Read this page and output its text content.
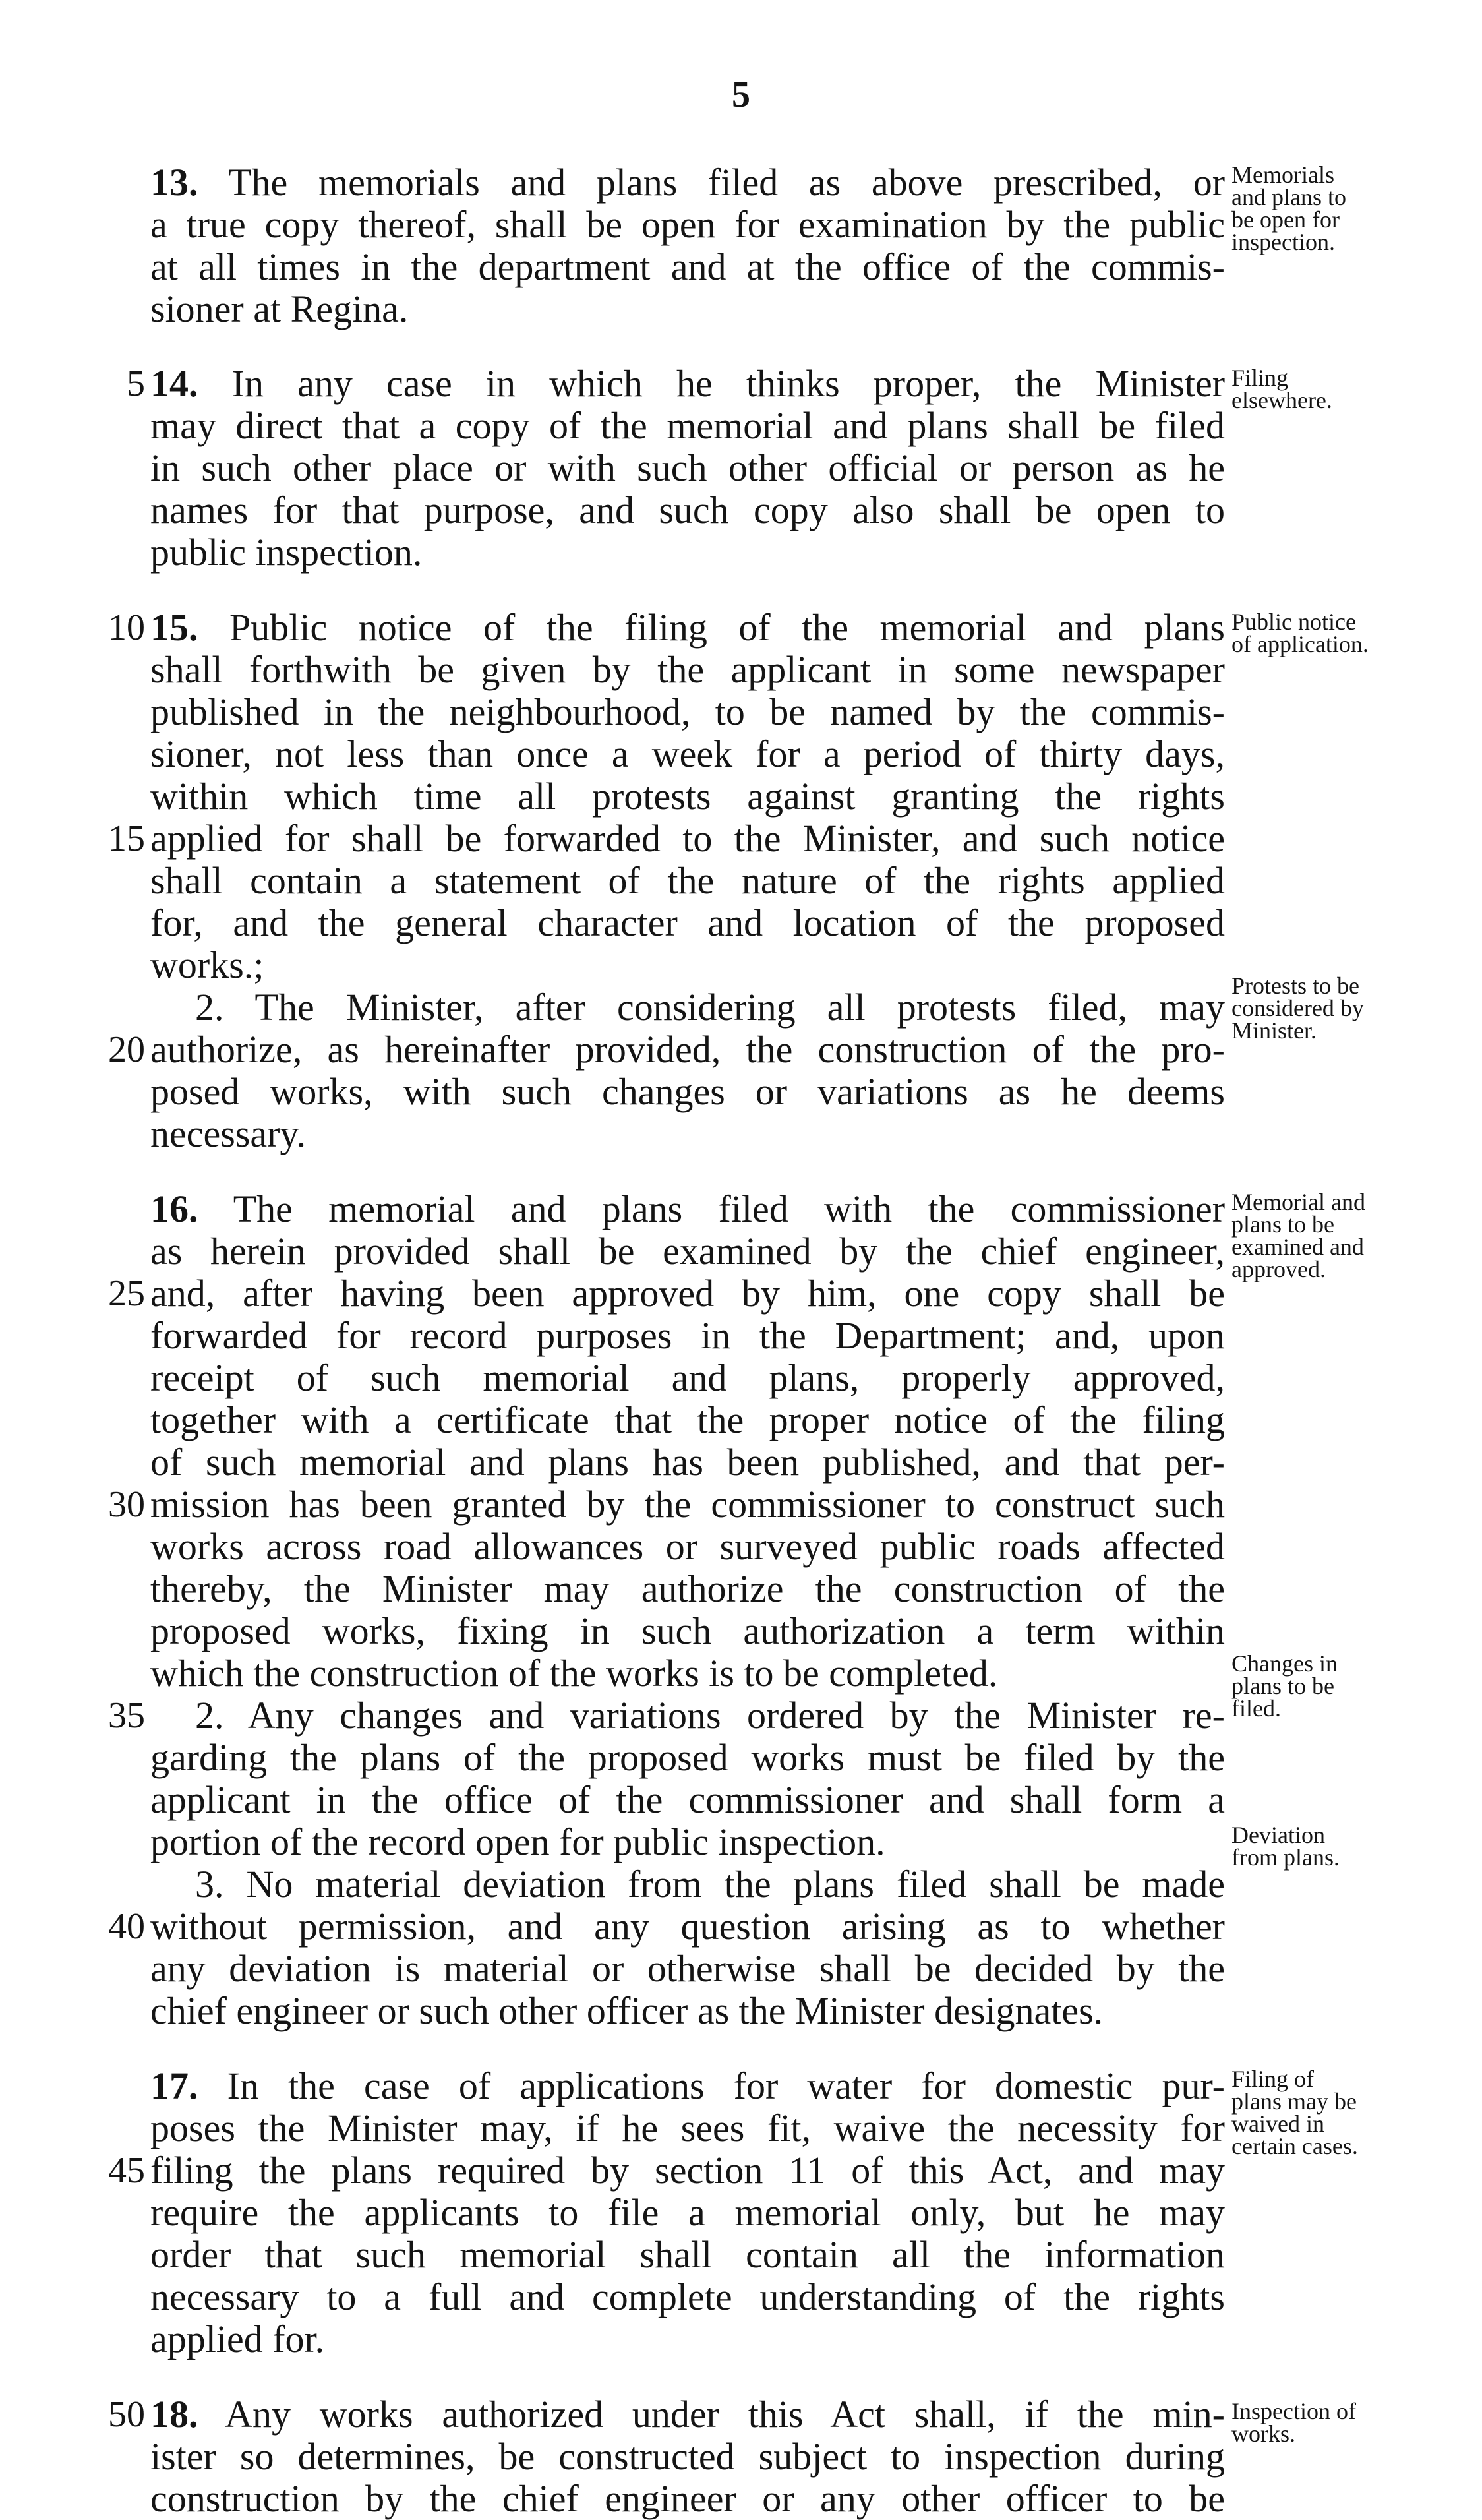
5
13. The memorials and plans filed as above prescribed, or
a true copy thereof, shall be open for examination by the public
at all times in the department and at the office of the commis-
sioner at Regina.
5 14. In any case in which he thinks proper, the Minister
may direct that a copy of the memorial and plans shall be filed
in such other place or with such other official or person as he
names for that purpose, and such copy also shall be open to
public inspection.
10 15. Public notice of the filing of the memorial and plans
shall forthwith be given by the applicant in some newspaper
published in the neighbourhood, to be named by the commis-
sioner, not less than once a week for a period of thirty days,
within which time all protests against granting the rights
15 applied for shall be forwarded to the Minister, and such notice
shall contain a statement of the nature of the rights applied
for, and the general character and location of the proposed
works.;
2. The Minister, after considering all protests filed, may
20 authorize, as hereinafter provided, the construction of the pro-
posed works, with such changes or variations as he deems
necessary.
16. The memorial and plans filed with the commissioner
as herein provided shall be examined by the chief engineer,
25 and, after having been approved by him, one copy shall be
forwarded for record purposes in the Department; and, upon
receipt of such memorial and plans, properly approved,
together with a certificate that the proper notice of the filing
of such memorial and plans has been published, and that per-
30 mission has been granted by the commissioner to construct such
works across road allowances or surveyed public roads affected
thereby, the Minister may authorize the construction of the
proposed works, fixing in such authorization a term within
which the construction of the works is to be completed.
35	2. Any changes and variations ordered by the Minister re-
garding the plans of the proposed works must be filed by the
applicant in the office of the commissioner and shall form a
portion of the record open for public inspection.
3. No material deviation from the plans filed shall be made
40 without permission, and any question arising as to whether
any deviation is material or otherwise shall be decided by the
chief engineer or such other officer as the Minister designates.
17. In the case of applications for water for domestic pur-
poses the Minister may, if he sees fit, waive the necessity for
45 filing the plans required by section 11 of this Act, and may
require the applicants to file a memorial only, but he may
order that such memorial shall contain all the information
necessary to a full and complete understanding of the rights
applied for.
50 18. Any works authorized under this Act shall, if the min-
ister so determines, be constructed subject to inspection during
construction by the chief engineer or any other officer to be
Memorials
and plans to
be open for
inspection.
Filing
elsewhere.
Public notice
of application.
Protests to be
considered by
Minister.
Memorial and
plans to be
examined and
approved.
Changes in
plans to be
filed.
Deviation
from plans.
Filing of
plans may be
waived in
certain cases.
Inspection of
works.
